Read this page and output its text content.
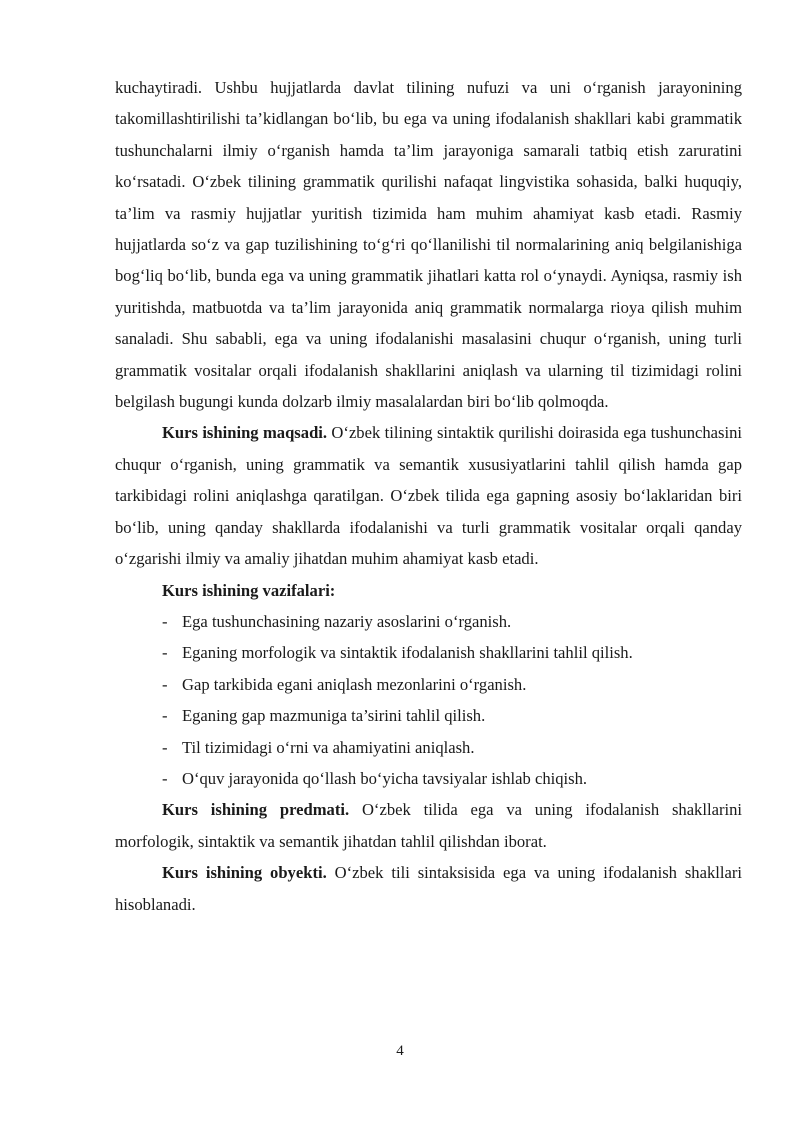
kuchaytiradi. Ushbu hujjatlarda davlat tilining nufuzi va uni o‘rganish jarayonining takomillashtirilishi ta’kidlangan bo‘lib, bu ega va uning ifodalanish shakllari kabi grammatik tushunchalarni ilmiy o‘rganish hamda ta’lim jarayoniga samarali tatbiq etish zaruratini ko‘rsatadi. O‘zbek tilining grammatik qurilishi nafaqat lingvistika sohasida, balki huquqiy, ta’lim va rasmiy hujjatlar yuritish tizimida ham muhim ahamiyat kasb etadi. Rasmiy hujjatlarda so‘z va gap tuzilishining to‘g‘ri qo‘llanilishi til normalarining aniq belgilanishiga bog‘liq bo‘lib, bunda ega va uning grammatik jihatlari katta rol o‘ynaydi. Ayniqsa, rasmiy ish yuritishda, matbuotda va ta’lim jarayonida aniq grammatik normalarga rioya qilish muhim sanaladi. Shu sababli, ega va uning ifodalanishi masalasini chuqur o‘rganish, uning turli grammatik vositalar orqali ifodalanish shakllarini aniqlash va ularning til tizimidagi rolini belgilash bugungi kunda dolzarb ilmiy masalalardan biri bo‘lib qolmoqda.

Kurs ishining maqsadi. O‘zbek tilining sintaktik qurilishi doirasida ega tushunchasini chuqur o‘rganish, uning grammatik va semantik xususiyatlarini tahlil qilish hamda gap tarkibidagi rolini aniqlashga qaratilgan. O‘zbek tilida ega gapning asosiy bo‘laklaridan biri bo‘lib, uning qanday shakllarda ifodalanishi va turli grammatik vositalar orqali qanday o‘zgarishi ilmiy va amaliy jihatdan muhim ahamiyat kasb etadi.

Kurs ishining vazifalari:

- Ega tushunchasining nazariy asoslarini o‘rganish.
- Eganing morfologik va sintaktik ifodalanish shakllarini tahlil qilish.
- Gap tarkibida egani aniqlash mezonlarini o‘rganish.
- Eganing gap mazmuniga ta’sirini tahlil qilish.
- Til tizimidagi o‘rni va ahamiyatini aniqlash.
- O‘quv jarayonida qo‘llash bo‘yicha tavsiyalar ishlab chiqish.

Kurs ishining predmati. O‘zbek tilida ega va uning ifodalanish shakllarini morfologik, sintaktik va semantik jihatdan tahlil qilishdan iborat.

Kurs ishining obyekti. O‘zbek tili sintaksisida ega va uning ifodalanish shakllari hisoblanadi.

4
